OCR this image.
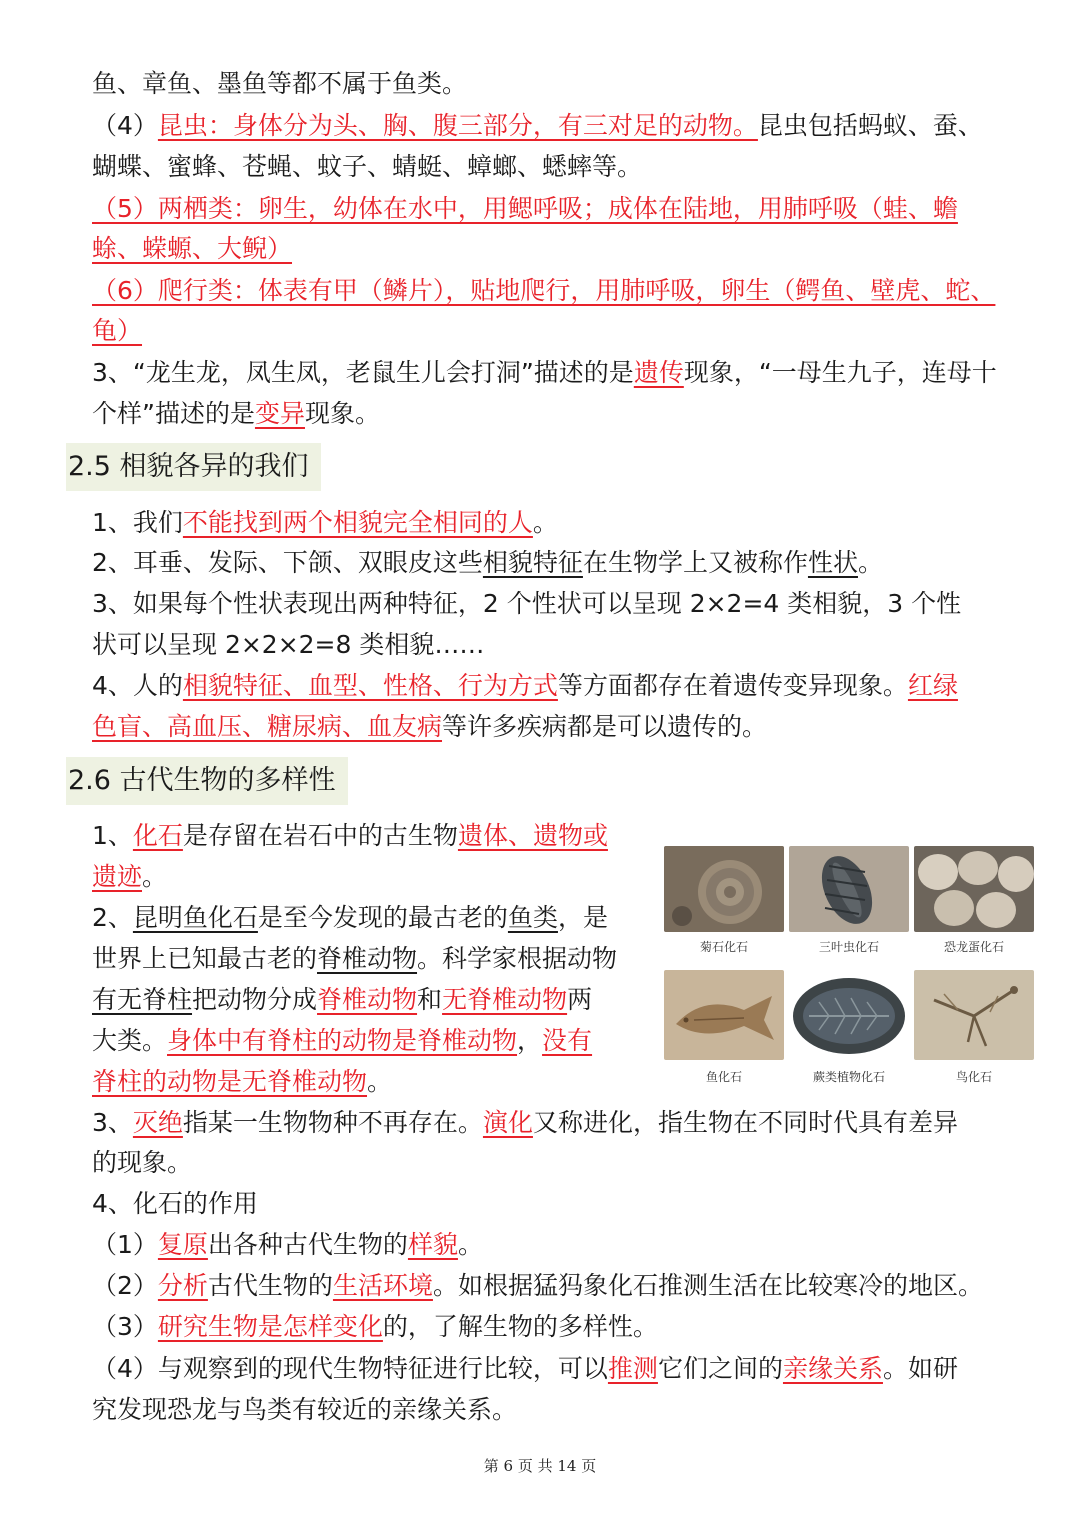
鱼、章鱼、墨鱼等都不属于鱼类。
（4）昆虫：身体分为头、胸、腹三部分，有三对足的动物。昆虫包括蚂蚁、蚕、
蝴蝶、蜜蜂、苍蝇、蚊子、蜻蜓、蟑螂、蟋蟀等。
（5）两栖类：卵生，幼体在水中，用鳃呼吸；成体在陆地，用肺呼吸（蛙、蟾
蜍、蝾螈、大鲵）
（6）爬行类：体表有甲（鳞片），贴地爬行，用肺呼吸，卵生（鳄鱼、壁虎、蛇、
龟）
3、“龙生龙，凤生凤，老鼠生儿会打洞”描述的是遗传现象，“一母生九子，连母十
个样”描述的是变异现象。
2.5 相貌各异的我们
1、我们不能找到两个相貌完全相同的人。
2、耳垂、发际、下颌、双眼皮这些相貌特征在生物学上又被称作性状。
3、如果每个性状表现出两种特征，2 个性状可以呈现 2×2=4 类相貌，3 个性
状可以呈现 2×2×2=8 类相貌……
4、人的相貌特征、血型、性格、行为方式等方面都存在着遗传变异现象。红绿
色盲、高血压、糖尿病、血友病等许多疾病都是可以遗传的。
2.6 古代生物的多样性
1、化石是存留在岩石中的古生物遗体、遗物或
遗迹。
2、昆明鱼化石是至今发现的最古老的鱼类，是
世界上已知最古老的脊椎动物。科学家根据动物
有无脊柱把动物分成脊椎动物和无脊椎动物两
大类。身体中有脊柱的动物是脊椎动物，没有
脊柱的动物是无脊椎动物。
3、灭绝指某一生物物种不再存在。演化又称进化，指生物在不同时代具有差异
的现象。
4、化石的作用
（1）复原出各种古代生物的样貌。
（2）分析古代生物的生活环境。如根据猛犸象化石推测生活在比较寒冷的地区。
（3）研究生物是怎样变化的，了解生物的多样性。
（4）与观察到的现代生物特征进行比较，可以推测它们之间的亲缘关系。如研
究发现恐龙与鸟类有较近的亲缘关系。
菊石化石	三叶虫化石	恐龙蛋化石
鱼化石	蕨类植物化石	鸟化石
第 6 页 共 14 页
